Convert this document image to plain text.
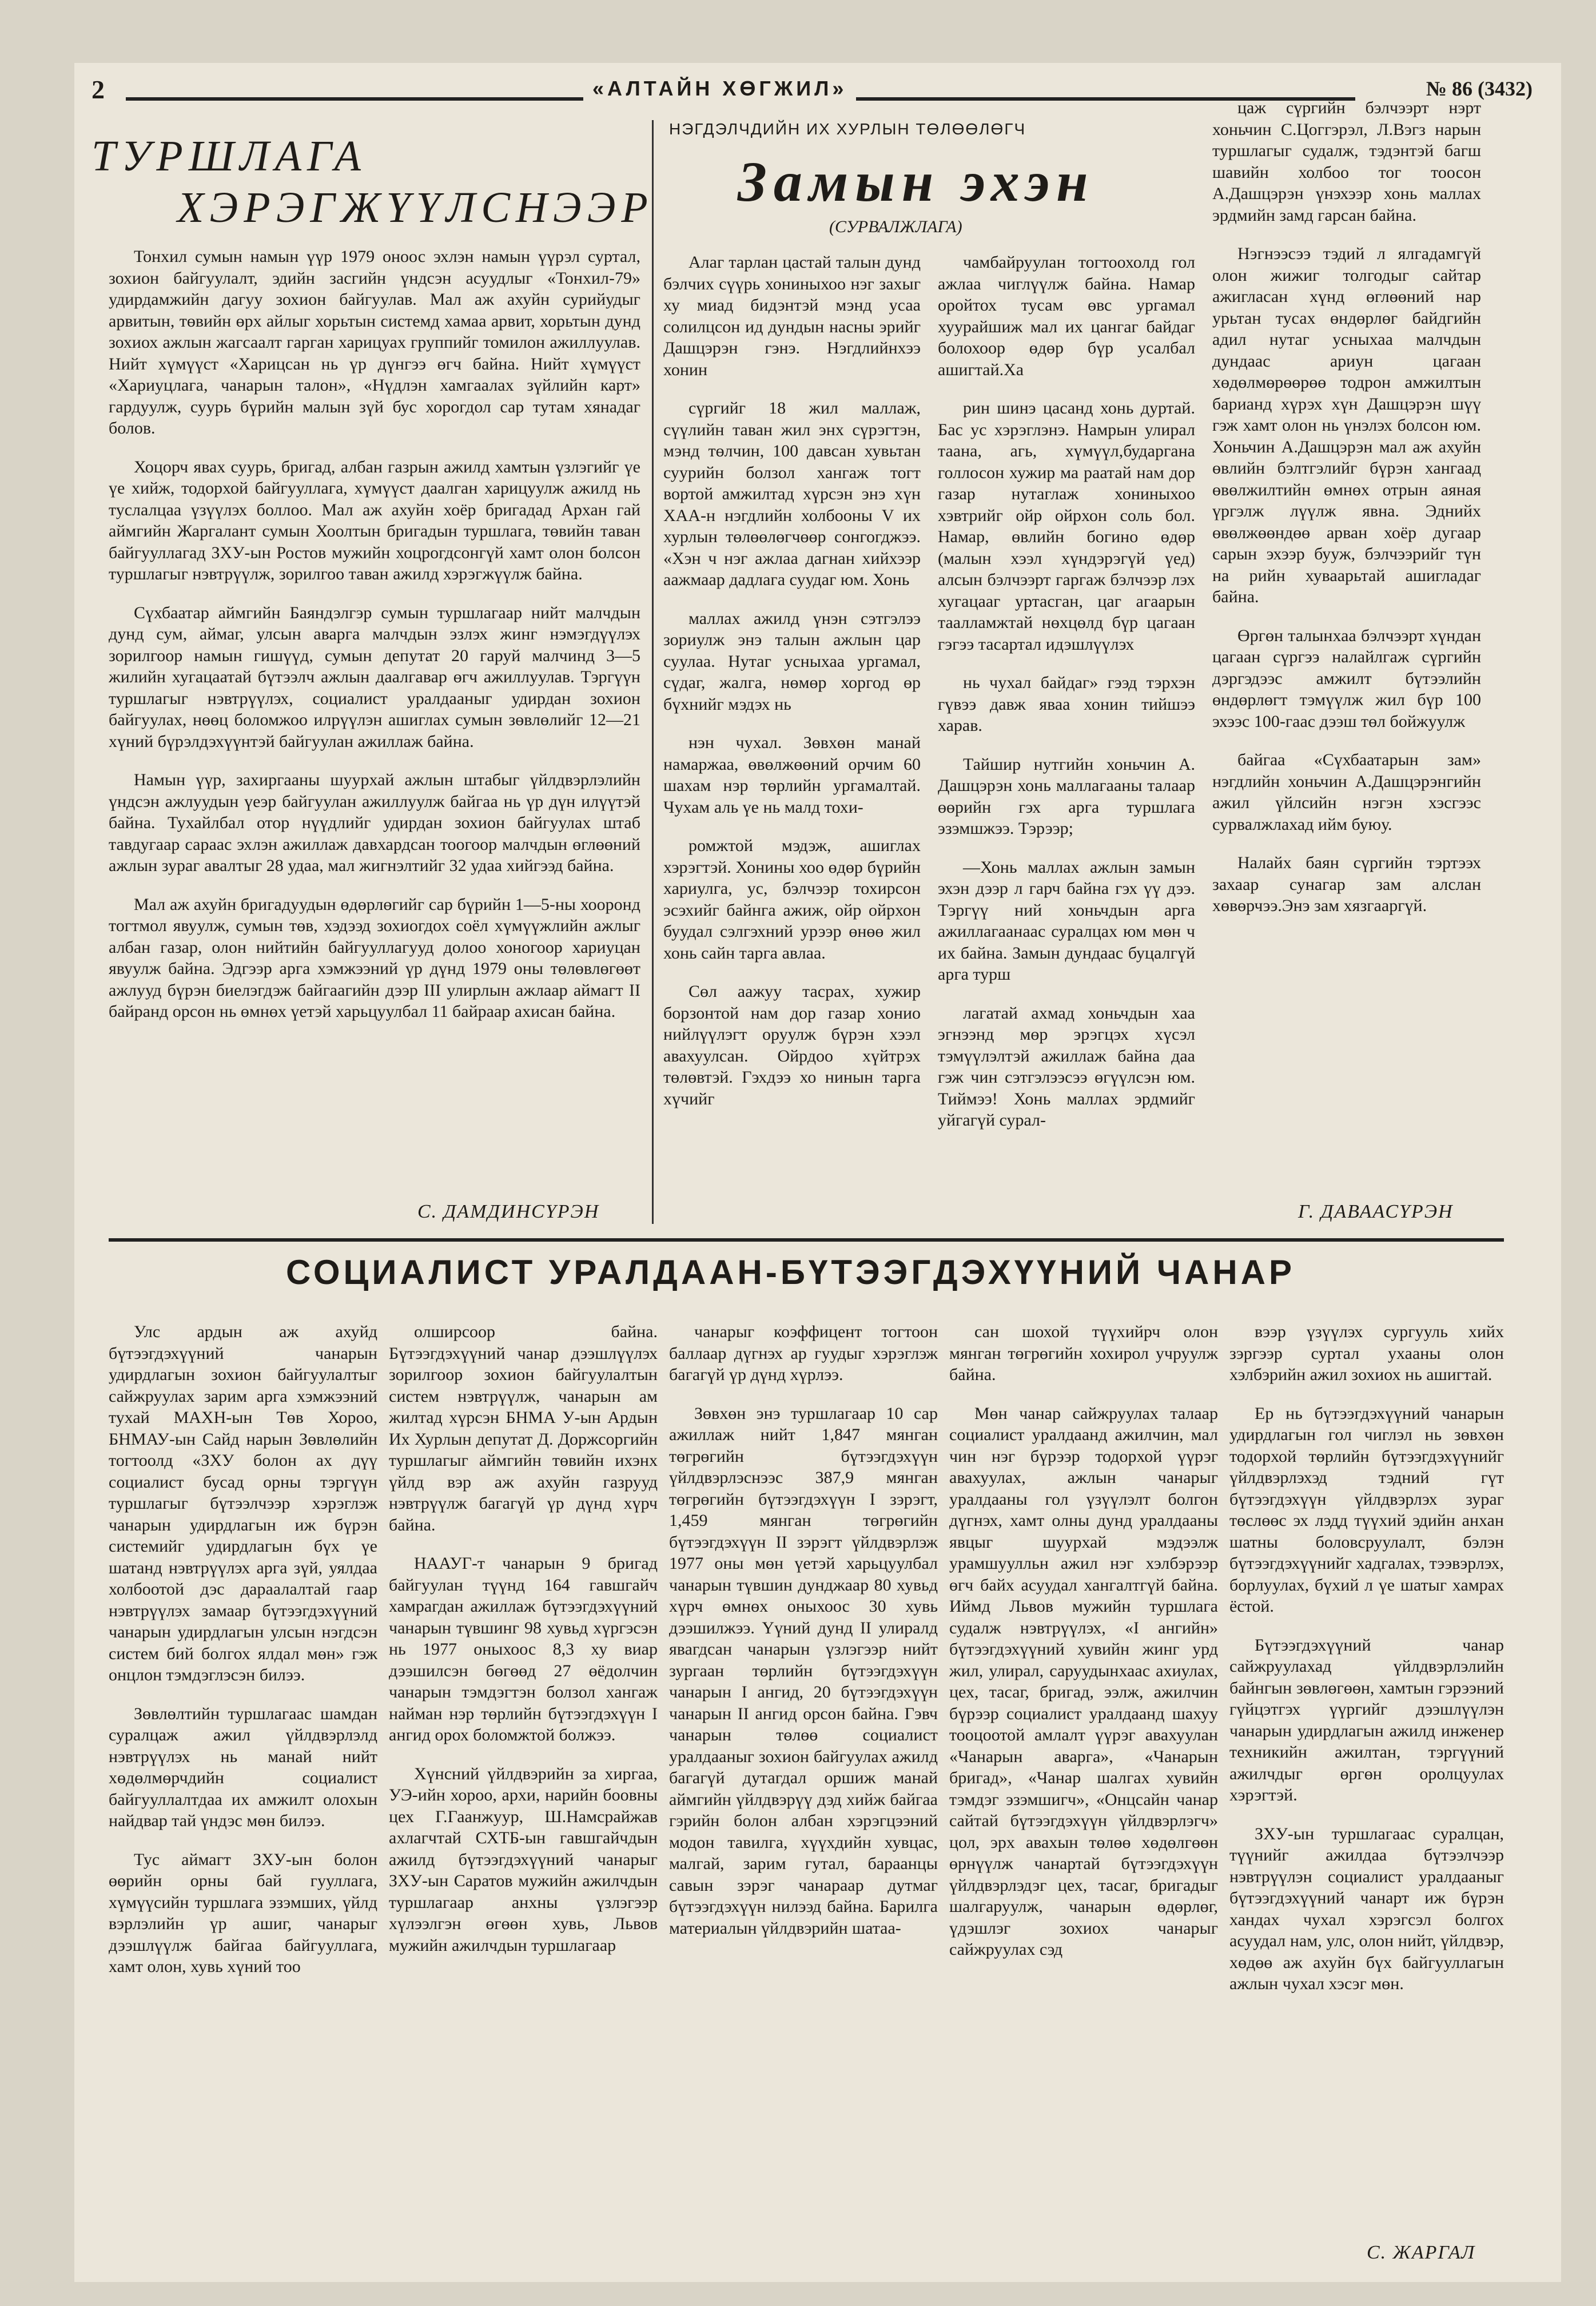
2	«АЛТАЙН ХӨГЖИЛ»	№ 86 (3432)
ТУРШЛАГА
ХЭРЭГЖҮҮЛСНЭЭР

Тонхил сумын намын үүр 1979 оноос эхлэн намын үүрэл суртал, зохион байгуулалт, эдийн засгийн үндсэн асуудлыг «Тонхил-79» удирдамжийн дагуу зохион байгуулав. Мал аж ахуйн сурийудыг арвитын, төвийн өрх айлыг хорьтын системд хамаа арвит, хорьтын дунд зохиох ажлын жагсаалт гарган харицуах группийг томилон ажиллуулав. Нийт хүмүүст «Харицсан нь үр дүнгээ өгч байна. Нийт хүмүүст «Хариуцлага, чанарын талон», «Нүдлэн хамгаалах зүйлийн карт» гардуулж, суурь бүрийн малын зүй бус хорогдол сар тутам хянадаг болов.

Хоцорч явах суурь, бригад, албан газрын ажилд хамтын үзлэгийг үе үе хийж, тодорхой байгууллага, хүмүүст даалган харицуулж ажилд нь туслалцаа үзүүлэх боллоо. Мал аж ахуйн хоёр бригадад Архан гай аймгийн Жаргалант сумын Хоолтын бригадын туршлага, төвийн таван байгууллагад ЗХУ-ын Ростов мужийн хоцрогдсонгүй хамт олон болсон туршлагыг нэвтрүүлж, зорилгоо таван ажилд хэрэгжүүлж байна.

Сүхбаатар аймгийн Баяндэлгэр сумын туршлагаар нийт малчдын дунд сум, аймаг, улсын аварга малчдын эзлэх жинг нэмэгдүүлэх зорилгоор намын гишүүд, сумын депутат 20 гаруй малчинд 3—5 жилийн хугацаатай бүтээлч ажлын даалгавар өгч ажиллуулав. Тэргүүн туршлагыг нэвтрүүлэх, социалист уралдааныг удирдан зохион байгуулах, нөөц боломжоо илрүүлэн ашиглах сумын зөвлөлийг 12—21 хүний бүрэлдэхүүнтэй байгуулан ажиллаж байна.

Намын үүр, захиргааны шуурхай ажлын штабыг үйлдвэрлэлийн үндсэн ажлуудын үеэр байгуулан ажиллуулж байгаа нь үр дүн илүүтэй байна. Тухайлбал отор нүүдлийг удирдан зохион байгуулах штаб тавдугаар сараас эхлэн ажиллаж давхардсан тоогоор малчдын өглөөний ажлын зураг авалтыг 28 удаа, мал жигнэлтийг 32 удаа хийгээд байна.

Мал аж ахуйн бригадуудын өдөрлөгийг сар бүрийн 1—5-ны хооронд тогтмол явуулж, сумын төв, хэдээд зохиогдох соёл хүмүүжлийн ажлыг албан газар, олон нийтийн байгууллагууд долоо хоногоор хариуцан явуулж байна. Эдгээр арга хэмжээний үр дүнд 1979 оны төлөвлөгөөт ажлууд бүрэн биелэгдэж байгаагийн дээр III улирлын ажлаар аймагт II байранд орсон нь өмнөх үетэй харьцуулбал 11 байраар ахисан байна.

С. ДАМДИНСҮРЭН
НЭГДЭЛЧДИЙН ИХ ХУРЛЫН ТӨЛӨӨЛӨГЧ
Замын эхэн
(СУРВАЛЖЛАГА)

Алаг тарлан цастай талын дунд бэлчих сүүрь хониныхоо нэг захыг ху миад бидэнтэй мэнд усаа солилцсон ид дундын насны эрийг Дашцэрэн гэнэ. Нэгдлийнхээ хонин

сүргийг 18 жил маллаж, сүүлийн таван жил энх сүрэгтэн, мэнд төлчин, 100 давсан хувьтан суурийн болзол хангаж тогт вортой амжилтад хүрсэн энэ хүн ХАА-н нэгдлийн холбооны V их хурлын төлөөлөгчөөр сонгогджээ. «Хэн ч нэг ажлаа дагнан хийхээр аажмаар дадлага суудаг юм. Хонь

маллах ажилд үнэн сэтгэлээ зориулж энэ талын ажлын цар суулаа. Нутаг усныхаа ургамал, сүдаг, жалга, нөмөр хоргод өр бүхнийг мэдэх нь

нэн чухал. Зөвхөн манай намаржаа, өвөлжөөний орчим 60 шахам нэр төрлийн ургамалтай. Чухам аль үе нь малд тохи-

ромжтой мэдэж, ашиглах хэрэгтэй. Хонины хоо өдөр бүрийн хариулга, ус, бэлчээр тохирсон эсэхийг байнга ажиж, ойр ойрхон буудал сэлгэхний урээр өнөө жил хонь сайн тарга авлаа.

Сөл аажуу тасрах, хужир борзонтой нам дор газар хонио нийлүүлэгт оруулж бүрэн хээл авахуулсан. Ойрдоо хүйтрэх төлөвтэй. Гэхдээ хо нинын тарга хүчийг

чамбайруулан тогтоохолд гол ажлаа чиглүүлж байна. Намар оройтох тусам өвс ургамал хуурайшиж мал их цангаг байдаг болохоор өдөр бүр усалбал ашигтай.Ха

рин шинэ цасанд хонь дуртай. Бас ус хэрэглэнэ. Намрын улирал таана, агь, хүмүүл,бударгана голлосон хужир ма раатай нам дор газар нутаглаж хониныхоо хэвтрийг ойр ойрхон соль бол. Намар, өвлийн богино өдөр (малын хээл хүндэрэгүй үед) алсын бэлчээрт гаргаж бэлчээр лэх хугацааг уртасган, цаг агаарын таалламжтай нөхцөлд бүр цагаан гэгээ тасартал идэшлүүлэх

нь чухал байдаг» гээд тэрхэн гүвээ давж яваа хонин тийшээ харав.

Тайшир нутгийн хоньчин А. Дашцэрэн хонь маллагааны талаар өөрийн гэх арга туршлага эзэмшжээ. Тэрээр;

—Хонь маллах ажлын замын эхэн дээр л гарч байна гэх үү дээ. Тэргүү ний хоньчдын арга ажиллагаанаас суралцах юм мөн ч их байна. Замын дундаас буцалгүй арга турш

лагатай ахмад хоньчдын хаа эгнээнд мөр эрэгцэх хүсэл тэмүүлэлтэй ажиллаж байна даа гэж чин сэтгэлээсээ өгүүлсэн юм. Тиймээ! Хонь маллах эрдмийг уйгагүй сурал-

цаж сүргийн бэлчээрт нэрт хоньчин С.Цоггэрэл, Л.Вэгз нарын туршлагыг судалж, тэдэнтэй багш шавийн холбоо тог тоосон А.Дашцэрэн үнэхээр хонь маллах эрдмийн замд гарсан байна.

Нэгнээсээ тэдий л ялгадамгүй олон жижиг толгодыг сайтар ажигласан хүнд өглөөний нар урьтан тусах өндөрлөг байдгийн адил нутаг усныхаа малчдын дундаас ариун цагаан хөдөлмөрөөрөө тодрон амжилтын барианд хүрэх хүн Дашцэрэн шүү гэж хамт олон нь үнэлэх болсон юм. Хоньчин А.Дашцэрэн мал аж ахуйн өвлийн бэлтгэлийг бүрэн хангаад өвөлжилтийн өмнөх отрын аяная үргэлж лүүлж явна. Эднийх өвөлжөөндөө арван хоёр дугаар сарын эхээр бууж, бэлчээрийг түн на рийн хуваарьтай ашигладаг байна.

Өргөн талынхаа бэлчээрт хүндан цагаан сүргээ налайлгаж сүргийн дэргэдээс амжилт бүтээлийн өндөрлөгт тэмүүлж жил бүр 100 эхээс 100-гаас дээш төл бойжуулж

байгаа «Сүхбаатарын зам» нэгдлийн хоньчин А.Дашцэрэнгийн ажил үйлсийн нэгэн хэсгээс сурвалжлахад ийм буюу.

Налайх баян сүргийн тэртээх захаар сунагар зам алслан хөвөрчээ.Энэ зам хязгааргүй.

Г. ДАВААСҮРЭН
СОЦИАЛИСТ УРАЛДААН-БҮТЭЭГДЭХҮҮНИЙ ЧАНАР

Улс ардын аж ахуйд бүтээгдэхүүний чанарын удирдлагын зохион байгуулалтыг сайжруулах зарим арга хэмжээний тухай МАХН-ын Төв Хороо, БНМАУ-ын Сайд нарын Зөвлөлийн тогтоолд «ЗХУ болон ах дүү социалист бусад орны тэргүүн туршлагыг бүтээлчээр хэрэглэж чанарын удирдлагын иж бүрэн системийг удирдлагын бүх үе шатанд нэвтрүүлэх арга зүй, уялдаа холбоотой дэс дараалалтай гаар нэвтрүүлэх замаар бүтээгдэхүүний чанарын удирдлагын улсын нэгдсэн систем бий болгох ялдал мөн» гэж онцлон тэмдэглэсэн билээ.

Зөвлөлтийн туршлагаас шамдан суралцаж ажил үйлдвэрлэлд нэвтрүүлэх нь манай нийт хөдөлмөрчдийн социалист байгууллалтдаа их амжилт олохын найдвар тай үндэс мөн билээ.

Тус аймагт ЗХУ-ын болон өөрийн орны бай гууллага, хүмүүсийн туршлага эзэмших, үйлд вэрлэлийн үр ашиг, чанарыг дээшлүүлж байгаа байгууллага, хамт олон, хувь хүний тоо

олширсоор байна. Бүтээгдэхүүний чанар дээшлүүлэх зорилгоор зохион байгуулалтын систем нэвтрүүлж, чанарын ам жилтад хүрсэн БНМА У-ын Ардын Их Хурлын депутат Д. Доржсоргийн туршлагыг аймгийн төвийн ихэнх үйлд вэр аж ахуйн газрууд нэвтрүүлж багагүй үр дүнд хүрч байна.

НААУГ-т чанарын 9 бригад байгуулан түүнд 164 гавшгайч хамрагдан ажиллаж бүтээгдэхүүний чанарын түвшинг 98 хувьд хүргэсэн нь 1977 оныхоос 8,3 ху виар дээшилсэн бөгөөд 27 өёдолчин чанарын тэмдэгтэн болзол хангаж найман нэр төрлийн бүтээгдэхүүн I ангид орох боломжтой болжээ.

Хүнсний үйлдвэрийн за хиргаа, УЭ-ийн хороо, архи, нарийн боовны цех Г.Гаанжуур, Ш.Намсрайжав ахлагчтай СХТБ-ын гавшгайчдын ажилд бүтээгдэхүүний чанарыг ЗХУ-ын Саратов мужийн ажилчдын туршлагаар анхны үзлэгээр хүлээлгэн өгөөн хувь, Львов мужийн ажилчдын туршлагаар

чанарыг коэффицент тогтоон баллаар дүгнэх ар гуудыг хэрэглэж багагүй үр дүнд хүрлээ.

Зөвхөн энэ туршлагаар 10 сар ажиллаж нийт 1,847 мянган төгрөгийн бүтээгдэхүүн үйлдвэрлэснээс 387,9 мянган төгрөгийн бүтээгдэхүүн I зэрэгт, 1,459 мянган төгрөгийн бүтээгдэхүүн II зэрэгт үйлдвэрлэж 1977 оны мөн үетэй харьцуулбал чанарын түвшин дунджаар 80 хувьд хүрч өмнөх оныхоос 30 хувь дээшилжээ. Үүний дунд II улиралд явагдсан чанарын үзлэгээр нийт зургаан төрлийн бүтээгдэхүүн чанарын I ангид, 20 бүтээгдэхүүн чанарын II ангид орсон байна. Гэвч чанарын төлөө социалист уралдааныг зохион байгуулах ажилд багагүй дутагдал оршиж манай аймгийн үйлдвэрүү дэд хийж байгаа гэрийн болон албан хэрэгцээний модон тавилга, хүүхдийн хувцас, малгай, зарим гутал, бараанцы савын зэрэг чанараар дутмаг бүтээгдэхүүн нилээд байна. Барилга материалын үйлдвэрийн шатаа-

сан шохой түүхийрч олон мянган төгрөгийн хохирол учруулж байна.

Мөн чанар сайжруулах талаар социалист уралдаанд ажилчин, мал чин нэг бүрээр тодорхой үүрэг авахуулах, ажлын чанарыг уралдааны гол үзүүлэлт болгон дүгнэх, хамт олны дунд уралдааны явцыг шуурхай мэдээлж урамшуулльн ажил нэг хэлбэрээр өгч байх асуудал хангалтгүй байна. Иймд Львов мужийн туршлага судалж нэвтрүүлэх, «I ангийн» бүтээгдэхүүний хувийн жинг урд жил, улирал, саруудынхаас ахиулах, цех, тасаг, бригад, ээлж, ажилчин бүрээр социалист уралдаанд шахуу тооцоотой амлалт үүрэг авахуулан «Чанарын аварга», «Чанарын бригад», «Чанар шалгах хувийн тэмдэг эзэмшигч», «Онцсайн чанар сайтай бүтээгдэхүүн үйлдвэрлэгч» цол, эрх авахын төлөө хөдөлгөөн өрнүүлж чанартай бүтээгдэхүүн үйлдвэрлэдэг цех, тасаг, бригадыг шалгаруулж, чанарын өдөрлөг, үдэшлэг зохиох чанарыг сайжруулах сэд

вээр үзүүлэх сургууль хийх зэргээр суртал ухааны олон хэлбэрийн ажил зохиох нь ашигтай.

Ер нь бүтээгдэхүүний чанарын удирдлагын гол чиглэл нь зөвхөн тодорхой төрлийн бүтээгдэхүүнийг үйлдвэрлэхэд тэдний гүт бүтээгдэхүүн үйлдвэрлэх зураг төслөөс эх лэдд түүхий эдийн анхан шатны боловсруулалт, бэлэн бүтээгдэхүүнийг хадгалах, тээвэрлэх, борлуулах, бүхий л үе шатыг хамрах ёстой.

Бүтээгдэхүүний чанар сайжруулахад үйлдвэрлэлийн байнгын зөвлөгөөн, хамтын гэрээний гүйцэтгэх үүргийг дээшлүүлэн чанарын удирдлагын ажилд инженер техникийн ажилтан, тэргүүний ажилчдыг өргөн оролцуулах хэрэгтэй.

ЗХУ-ын туршлагаас суралцан, түүнийг ажилдаа бүтээлчээр нэвтрүүлэн социалист уралдааныг бүтээгдэхүүний чанарт иж бүрэн хандах чухал хэрэгсэл болгох асуудал нам, улс, олон нийт, үйлдвэр, хөдөө аж ахуйн бүх байгууллагын ажлын чухал хэсэг мөн.

С. ЖАРГАЛ
